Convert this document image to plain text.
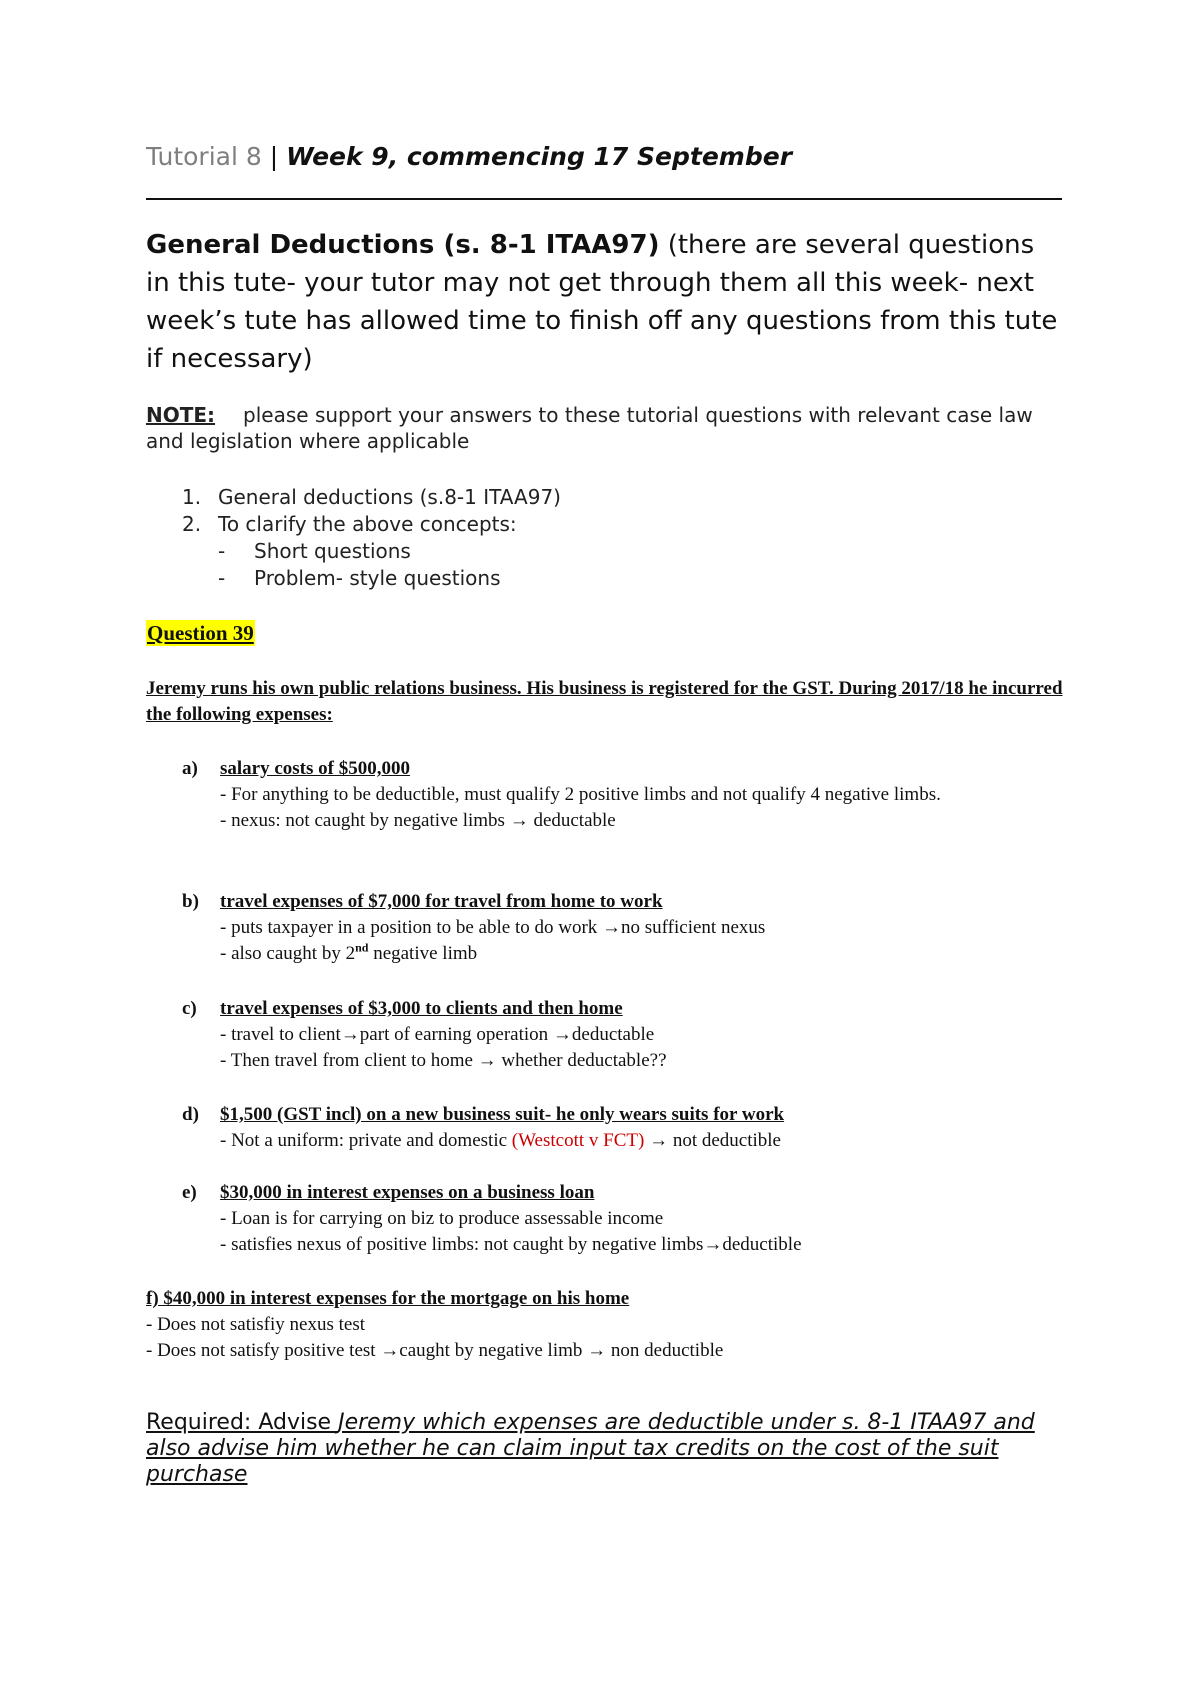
Tutorial 8 | Week 9, commencing 17 September
General Deductions (s. 8-1 ITAA97) (there are several questions in this tute- your tutor may not get through them all this week- next week’s tute has allowed time to finish off any questions from this tute if necessary)
NOTE: please support your answers to these tutorial questions with relevant case law and legislation where applicable
1. General deductions (s.8-1 ITAA97)
2. To clarify the above concepts:
- Short questions
- Problem- style questions
Question 39
Jeremy runs his own public relations business. His business is registered for the GST. During 2017/18 he incurred the following expenses:
a) salary costs of $500,000
- For anything to be deductible, must qualify 2 positive limbs and not qualify 4 negative limbs.
- nexus: not caught by negative limbs → deductable
b) travel expenses of $7,000 for travel from home to work
- puts taxpayer in a position to be able to do work →no sufficient nexus
- also caught by 2nd negative limb
c) travel expenses of $3,000 to clients and then home
- travel to client→part of earning operation →deductable
- Then travel from client to home → whether deductable??
d) $1,500 (GST incl) on a new business suit- he only wears suits for work
- Not a uniform: private and domestic (Westcott v FCT) → not deductible
e) $30,000 in interest expenses on a business loan
- Loan is for carrying on biz to produce assessable income
- satisfies nexus of positive limbs: not caught by negative limbs→deductible
f) $40,000 in interest expenses for the mortgage on his home
- Does not satisfiy nexus test
- Does not satisfy positive test →caught by negative limb → non deductible
Required: Advise Jeremy which expenses are deductible under s. 8-1 ITAA97 and also advise him whether he can claim input tax credits on the cost of the suit purchase
